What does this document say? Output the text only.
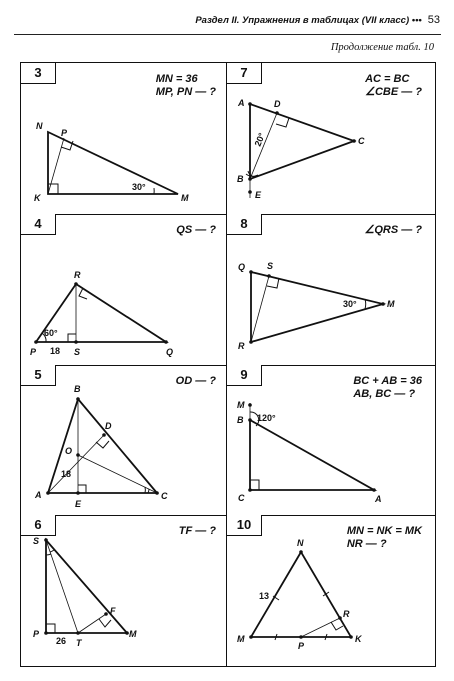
Раздел II. Упражнения в таблицах (VII класс) ••• 53
Продолжение табл. 10
3	MN = 36
MP, PN — ?
N
P
K	M
30°
7	AC = BC
∠CBE — ?
A	D
C
B
E
20°
4	QS — ?
R
P	S	Q
60°
18
8	∠QRS — ?
Q S
M
R
30°
5	OD — ?
B
D
O
A
E
C
18
9	BC + AB = 36
AB, BC — ?
M
B
C	A
120°
6	TF — ?
S
F
P
T
M
26
10	MN = NK = MK
NR — ?
N
R
M
P
K
13
